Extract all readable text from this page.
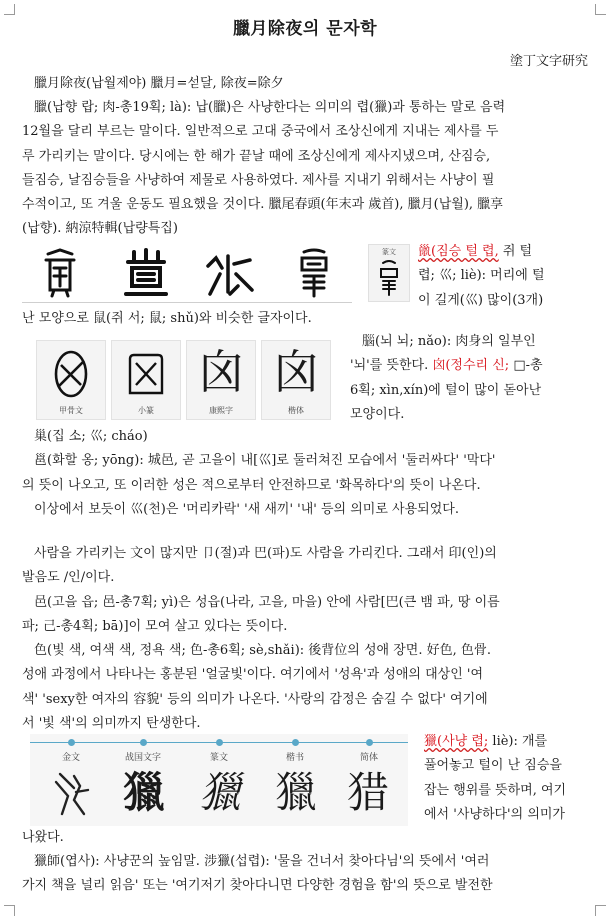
臘月除夜의 문자학
塗丁文字研究

臘月除夜(납월제야) 臘月=섣달, 除夜=除夕

臘(납향 랍; 肉-총19획; là): 납(臘)은 사냥한다는 의미의 렵(獵)과 통하는 말로 음력
12월을 달리 부르는 말이다. 일반적으로 고대 중국에서 조상신에게 지내는 제사를 두
루 가리키는 말이다. 당시에는 한 해가 끝날 때에 조상신에게 제사지냈으며, 산짐승,
들짐승, 날짐승들을 사냥하여 제물로 사용하였다. 제사를 지내기 위해서는 사냥이 필
수적이고, 또 겨울 운동도 필요했을 것이다. 臘尾春頭(年末과 歲首), 臘月(납월), 臘享
(납향). 納涼特輯(납량특집)
篆文	巤(짐승 털 렵, 쥐 털
렵; 巛; liè): 머리에 털
이 길게(巛) 많이(3개)

난 모양으로 鼠(쥐 서; 鼠; shǔ)와 비슷한 글자이다.

甲骨文	小篆
囟
康熙字
囟
楷体
腦(뇌 뇌; nǎo): 肉身의 일부인
'뇌'를 뜻한다. 囟(정수리 신; □-총
6획; xìn,xín)에 털이 많이 돋아난
모양이다.
巢(집 소; 巛; cháo)
邕(화할 옹; yōng): 城邑, 곧 고을이 내[巛]로 둘러쳐진 모습에서 '둘러싸다' '막다'
의 뜻이 나오고, 또 이러한 성은 적으로부터 안전하므로 '화목하다'의 뜻이 나온다.
이상에서 보듯이 巛(천)은 '머리카락' '새 새끼' '내' 등의 의미로 사용되었다.
사람을 가리키는 文이 많지만 卩(절)과 巴(파)도 사람을 가리킨다. 그래서 印(인)의
발음도 /인/이다.
邑(고을 읍; 邑-총7획; yì)은 성읍(나라, 고을, 마을) 안에 사람[巴(큰 뱀 파, 땅 이름
파; 己-총4획; bā)]이 모여 살고 있다는 뜻이다.
色(빛 색, 여색 색, 정욕 색; 色-총6획; sè,shǎi): 後背位의 성애 장면. 好色, 色骨.
성애 과정에서 나타나는 홍분된 '얼굴빛'이다. 여기에서 '성욕'과 성애의 대상인 '여
색' 'sexy한 여자의 容貌' 등의 의미가 나온다. '사랑의 감정은 숨길 수 없다' 여기에
서 '빛 색'의 의미까지 탄생한다.
金文	战国文字	篆文	楷书	简体
獵 獵 獵 猎
獵(사냥 렵; liè): 개를
풀어놓고 털이 난 짐승을
잡는 행위를 뜻하며, 여기
에서 '사냥하다'의 의미가

나왔다.

獵師(엽사): 사냥꾼의 높임말. 涉獵(섭렵): '물을 건너서 찾아다님'의 뜻에서 '여러
가지 책을 널리 읽음' 또는 '여기저기 찾아다니면 다양한 경험을 함'의 뜻으로 발전한
